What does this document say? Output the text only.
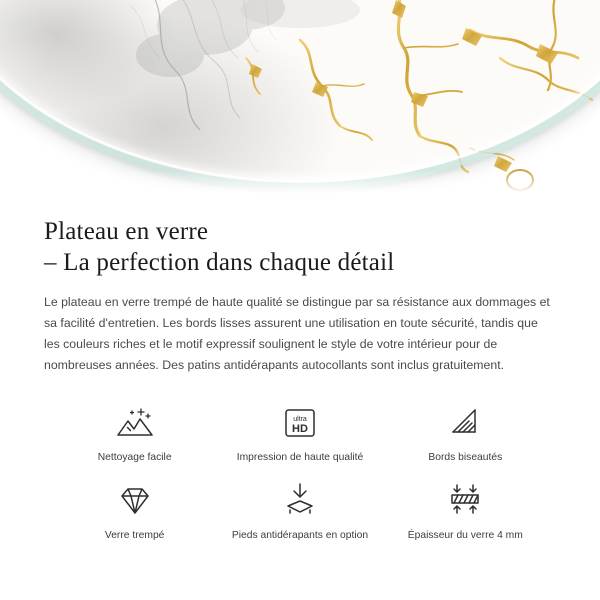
Plateau en verre
– La perfection dans chaque détail

Le plateau en verre trempé de haute qualité se distingue par sa résistance aux dommages et sa facilité d'entretien. Les bords lisses assurent une utilisation en toute sécurité, tandis que les couleurs riches et le motif expressif soulignent le style de votre intérieur pour de nombreuses années. Des patins antidérapants autocollants sont inclus gratuitement.

Nettoyage facile
ultra
HD
Impression de haute qualité	Bords biseautés
Verre trempé	Pieds antidérapants en option	Épaisseur du verre 4 mm
